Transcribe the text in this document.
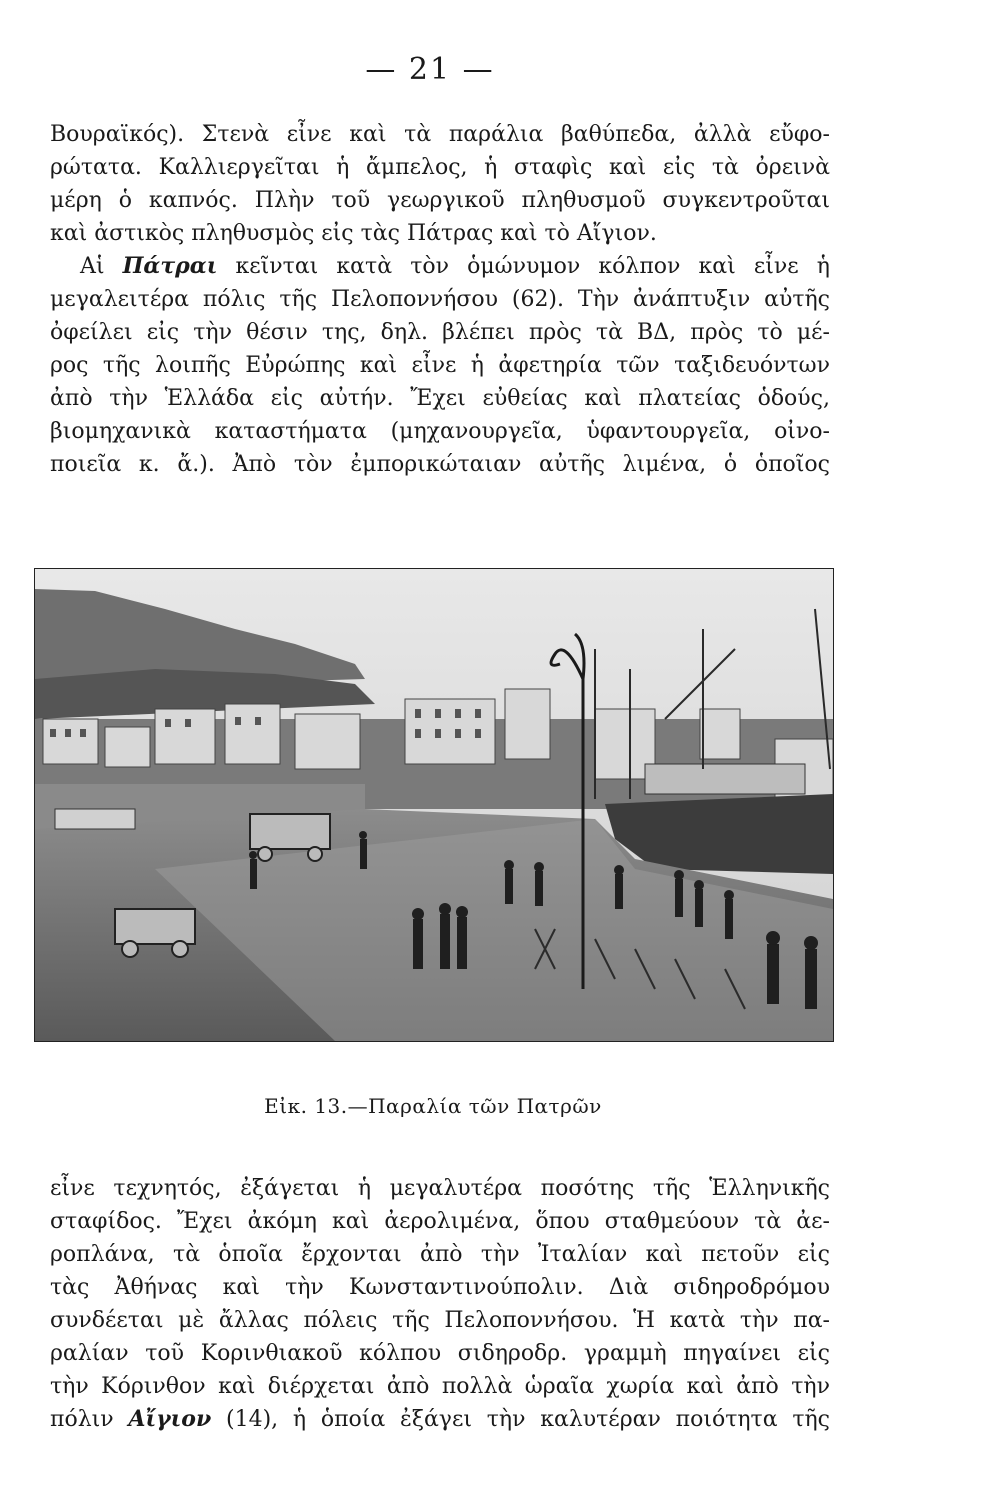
— 21 —
Βουραϊκός). Στενὰ εἶνε καὶ τὰ παράλια βαθύπεδα, ἀλλὰ εὔφο-
ρώτατα. Καλλιεργεῖται ἡ ἄμπελος, ἡ σταφὶς καὶ εἰς τὰ ὀρεινὰ
μέρη ὁ καπνός. Πλὴν τοῦ γεωργικοῦ πληθυσμοῦ συγκεντροῦται
καὶ ἀστικὸς πληθυσμὸς εἰς τὰς Πάτρας καὶ τὸ Αἴγιον.
Αἱ Πάτραι κεῖνται κατὰ τὸν ὁμώνυμον κόλπον καὶ εἶνε ἡ
μεγαλειτέρα πόλις τῆς Πελοποννήσου (62). Τὴν ἀνάπτυξιν αὐτῆς
ὀφείλει εἰς τὴν θέσιν της, δηλ. βλέπει πρὸς τὰ ΒΔ, πρὸς τὸ μέ-
ρος τῆς λοιπῆς Εὐρώπης καὶ εἶνε ἡ ἀφετηρία τῶν ταξιδευόντων
ἀπὸ τὴν Ἑλλάδα εἰς αὐτήν. Ἔχει εὐθείας καὶ πλατείας ὁδούς,
βιομηχανικὰ καταστήματα (μηχανουργεῖα, ὑφαντουργεῖα, οἰνο-
ποιεῖα κ. ἄ.). Ἀπὸ τὸν ἐμπορικώταιαν αὐτῆς λιμένα, ὁ ὁποῖος
Εἰκ. 13.—Παραλία τῶν Πατρῶν
εἶνε τεχνητός, ἐξάγεται ἡ μεγαλυτέρα ποσότης τῆς Ἑλληνικῆς
σταφίδος. Ἔχει ἀκόμη καὶ ἀερολιμένα, ὅπου σταθμεύουν τὰ ἀε-
ροπλάνα, τὰ ὁποῖα ἔρχονται ἀπὸ τὴν Ἰταλίαν καὶ πετοῦν εἰς
τὰς Ἀθήνας καὶ τὴν Κωνσταντινούπολιν. Διὰ σιδηροδρόμου
συνδέεται μὲ ἄλλας πόλεις τῆς Πελοποννήσου. Ἡ κατὰ τὴν πα-
ραλίαν τοῦ Κορινθιακοῦ κόλπου σιδηροδρ. γραμμὴ πηγαίνει εἰς
τὴν Κόρινθον καὶ διέρχεται ἀπὸ πολλὰ ὡραῖα χωρία καὶ ἀπὸ τὴν
πόλιν Αἴγιον (14), ἡ ὁποία ἐξάγει τὴν καλυτέραν ποιότητα τῆς
